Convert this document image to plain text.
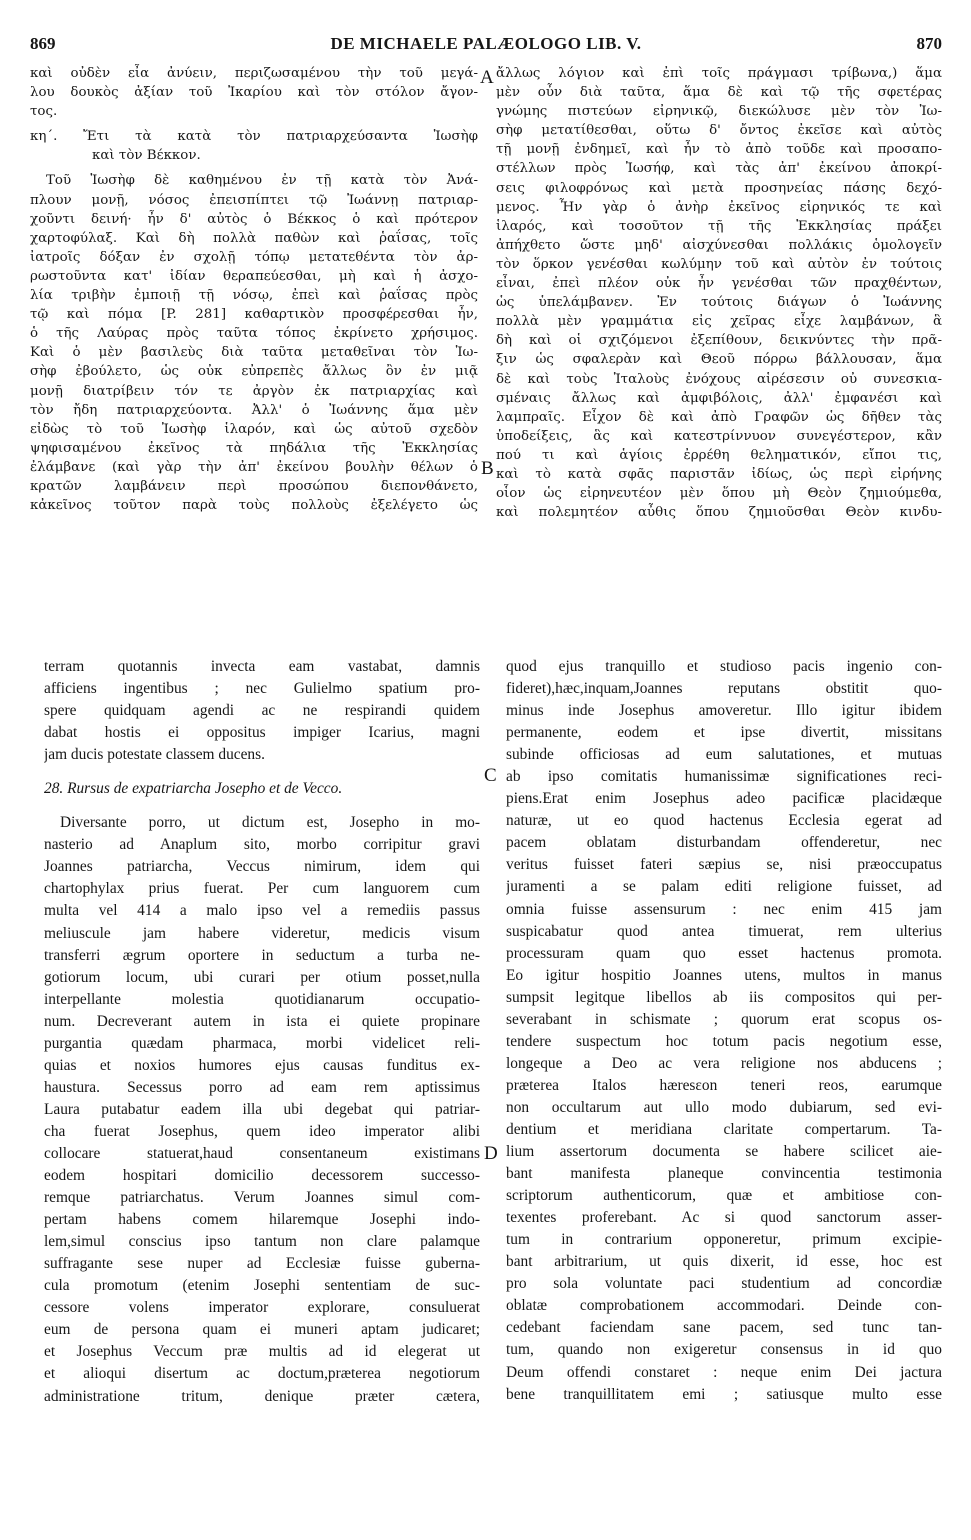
869	DE MICHAELE PALÆOLOGO LIB. V.	870
A
B
C
D
καὶ οὐδὲν εἶα ἀνύειν, περιζωσαμένου τὴν τοῦ μεγά-
λου δουκὸς ἀξίαν τοῦ Ἰκαρίου καὶ τὸν στόλον ἄγον-
τος.
κη΄. Ἔτι τὰ κατὰ τὸν πατριαρχεύσαντα Ἰωσὴφ
καὶ τὸν Βέκκον.
Τοῦ Ἰωσὴφ δὲ καθημένου ἐν τῇ κατὰ τὸν Ἀνά-
πλουν μονῇ, νόσος ἐπεισπίπτει τῷ Ἰωάννῃ πατριαρ-
χοῦντι δεινή· ἦν δ' αὐτὸς ὁ Βέκκος ὁ καὶ πρότερον
χαρτοφύλαξ. Καὶ δὴ πολλὰ παθὼν καὶ ῥαΐσας, τοῖς
ἰατροῖς δόξαν ἐν σχολῇ τόπῳ μετατεθέντα τὸν ἀρ-
ρωστοῦντα κατ' ἰδίαν θεραπεύεσθαι, μὴ καὶ ἡ ἀσχο-
λία τριβὴν ἐμποιῇ τῇ νόσῳ, ἐπεὶ καὶ ῥαΐσας πρὸς
τῷ καὶ πόμα [P. 281] καθαρτικὸν προσφέρεσθαι ἦν,
ὁ τῆς Λαύρας πρὸς ταῦτα τόπος ἐκρίνετο χρήσιμος.
Καὶ ὁ μὲν βασιλεὺς διὰ ταῦτα μεταθεῖναι τὸν Ἰω-
σὴφ ἐβούλετο, ὡς οὐκ εὐπρεπὲς ἄλλως ὂν ἐν μιᾷ
μονῇ διατρίβειν τόν τε ἀργὸν ἐκ πατριαρχίας καὶ
τὸν ἤδη πατριαρχεύοντα. Ἀλλ' ὁ Ἰωάννης ἅμα μὲν
εἰδὼς τὸ τοῦ Ἰωσὴφ ἱλαρόν, καὶ ὡς αὐτοῦ σχεδὸν
ψηφισαμένου ἐκεῖνος τὰ πηδάλια τῆς Ἐκκλησίας
ἐλάμβανε (καὶ γὰρ τὴν ἀπ' ἐκείνου βουλὴν θέλων ὁ
κρατῶν λαμβάνειν περὶ προσώπου διεπονθάνετο,
κἀκεῖνος τοῦτον παρὰ τοὺς πολλοὺς ἐξελέγετο ὡς
ἄλλως λόγιον καὶ ἐπὶ τοῖς πράγμασι τρίβωνα,) ἅμα
μὲν οὖν διὰ ταῦτα, ἅμα δὲ καὶ τῷ τῆς σφετέρας
γνώμης πιστεύων εἰρηνικῷ, διεκώλυσε μὲν τὸν Ἰω-
σὴφ μετατίθεσθαι, οὕτω δ' ὄντος ἐκεῖσε καὶ αὐτὸς
τῇ μονῇ ἐνδημεῖ, καὶ ἦν τὸ ἀπὸ τοῦδε καὶ προσαπο-
στέλλων πρὸς Ἰωσήφ, καὶ τὰς ἀπ' ἐκείνου ἀποκρί-
σεις φιλοφρόνως καὶ μετὰ προσηνείας πάσης δεχό-
μενος. Ἦν γὰρ ὁ ἀνὴρ ἐκεῖνος εἰρηνικός τε καὶ
ἱλαρός, καὶ τοσοῦτον τῇ τῆς Ἐκκλησίας πράξει
ἀπήχθετο ὥστε μηδ' αἰσχύνεσθαι πολλάκις ὁμολογεῖν
τὸν ὅρκον γενέσθαι κωλύμην τοῦ καὶ αὐτὸν ἐν τούτοις
εἶναι, ἐπεὶ πλέον οὐκ ἦν γενέσθαι τῶν πραχθέντων,
ὡς ὑπελάμβανεν. Ἐν τούτοις διάγων ὁ Ἰωάννης
πολλὰ μὲν γραμμάτια εἰς χεῖρας εἶχε λαμβάνων, ἃ
δὴ καὶ οἱ σχιζόμενοι ἐξεπίθουν, δεικνύντες τὴν πρᾶ-
ξιν ὡς σφαλερὰν καὶ Θεοῦ πόρρω βάλλουσαν, ἅμα
δὲ καὶ τοὺς Ἰταλοὺς ἐνόχους αἱρέσεσιν οὐ συνεσκια-
σμέναις ἄλλως καὶ ἀμφιβόλοις, ἀλλ' ἐμφανέσι καὶ
λαμπραῖς. Εἶχον δὲ καὶ ἀπὸ Γραφῶν ὡς δῆθεν τὰς
ὑποδείξεις, ἃς καὶ κατεστρίννυον συνεγέστερον, κἂν
πού τι καὶ ἁγίοις ἐρρέθη θεληματικόν, εἴποι τις,
καὶ τὸ κατὰ σφᾶς παριστᾶν ἰδίως, ὡς περὶ εἰρήνης
οἷον ὡς εἰρηνευτέον μὲν ὅπου μὴ Θεὸν ζημιούμεθα,
καὶ πολεμητέον αὖθις ὅπου ζημιοῦσθαι Θεὸν κινδυ-
terram quotannis invecta eam vastabat, damnis
afficiens ingentibus ; nec Gulielmo spatium pro-
spere quidquam agendi ac ne respirandi quidem
dabat hostis ei oppositus impiger Icarius, magni
jam ducis potestate classem ducens.
28. Rursus de expatriarcha Josepho et de Vecco.
Diversante porro, ut dictum est, Josepho in mo-
nasterio ad Anaplum sito, morbo corripitur gravi
Joannes patriarcha, Veccus nimirum, idem qui
chartophylax prius fuerat. Per cum languorem cum
multa vel 414 a malo ipso vel a remediis passus
meliuscule jam habere videretur, medicis visum
transferri ægrum oportere in seductum a turba ne-
gotiorum locum, ubi curari per otium posset,nulla
interpellante molestia quotidianarum occupatio-
num. Decreverant autem in ista ei quiete propinare
purgantia quædam pharmaca, morbi videlicet reli-
quias et noxios humores ejus causas funditus ex-
haustura. Secessus porro ad eam rem aptissimus
Laura putabatur eadem illa ubi degebat qui patriar-
cha fuerat Josephus, quem ideo imperator alibi
collocare statuerat,haud consentaneum existimans
eodem hospitari domicilio decessorem successo-
remque patriarchatus. Verum Joannes simul com-
pertam habens comem hilaremque Josephi indo-
lem,simul conscius ipso tantum non clare palamque
suffragante sese nuper ad Ecclesiæ fuisse guberna-
cula promotum (etenim Josephi sententiam de suc-
cessore volens imperator explorare, consuluerat
eum de persona quam ei muneri aptam judicaret;
et Josephus Veccum præ multis ad id elegerat ut
et alioqui disertum ac doctum,præterea negotiorum
administratione tritum, denique præter cætera,
quod ejus tranquillo et studioso pacis ingenio con-
fideret),hæc,inquam,Joannes reputans obstitit quo-
minus inde Josephus amoveretur. Illo igitur ibidem
permanente, eodem et ipse divertit, missitans
subinde officiosas ad eum salutationes, et mutuas
ab ipso comitatis humanissimæ significationes reci-
piens.Erat enim Josephus adeo pacificæ placidæque
naturæ, ut eo quod hactenus Ecclesia egerat ad
pacem oblatam disturbandam offenderetur, nec
veritus fuisset fateri sæpius se, nisi præoccupatus
juramenti a se palam editi religione fuisset, ad
omnia fuisse assensurum : nec enim 415 jam
suspicabatur quod antea timuerat, rem ulterius
processuram quam quo esset hactenus promota.
Eo igitur hospitio Joannes utens, multos in manus
sumpsit legitque libellos ab iis compositos qui per-
severabant in schismate ; quorum erat scopus os-
tendere suspectum hoc totum pacis negotium esse,
longeque a Deo ac vera religione nos abducens ;
præterea Italos hæresεon teneri reos, earumque
non occultarum aut ullo modo dubiarum, sed evi-
dentium et meridiana claritate compertarum. Ta-
lium assertorum documenta se habere scilicet aie-
bant manifesta planeque convincentia testimonia
scriptorum authenticorum, quæ et ambitiose con-
texentes proferebant. Ac si quod sanctorum asser-
tum in contrarium opponeretur, primum excipie-
bant arbitrarium, ut quis dixerit, id esse, hoc est
pro sola voluntate paci studentium ad concordiæ
oblatæ comprobationem accommodari. Deinde con-
cedebant faciendam sane pacem, sed tunc tan-
tum, quando non exigeretur consensus in id quo
Deum offendi constaret : neque enim Dei jactura
bene tranquillitatem emi ; satiusque multo esse
